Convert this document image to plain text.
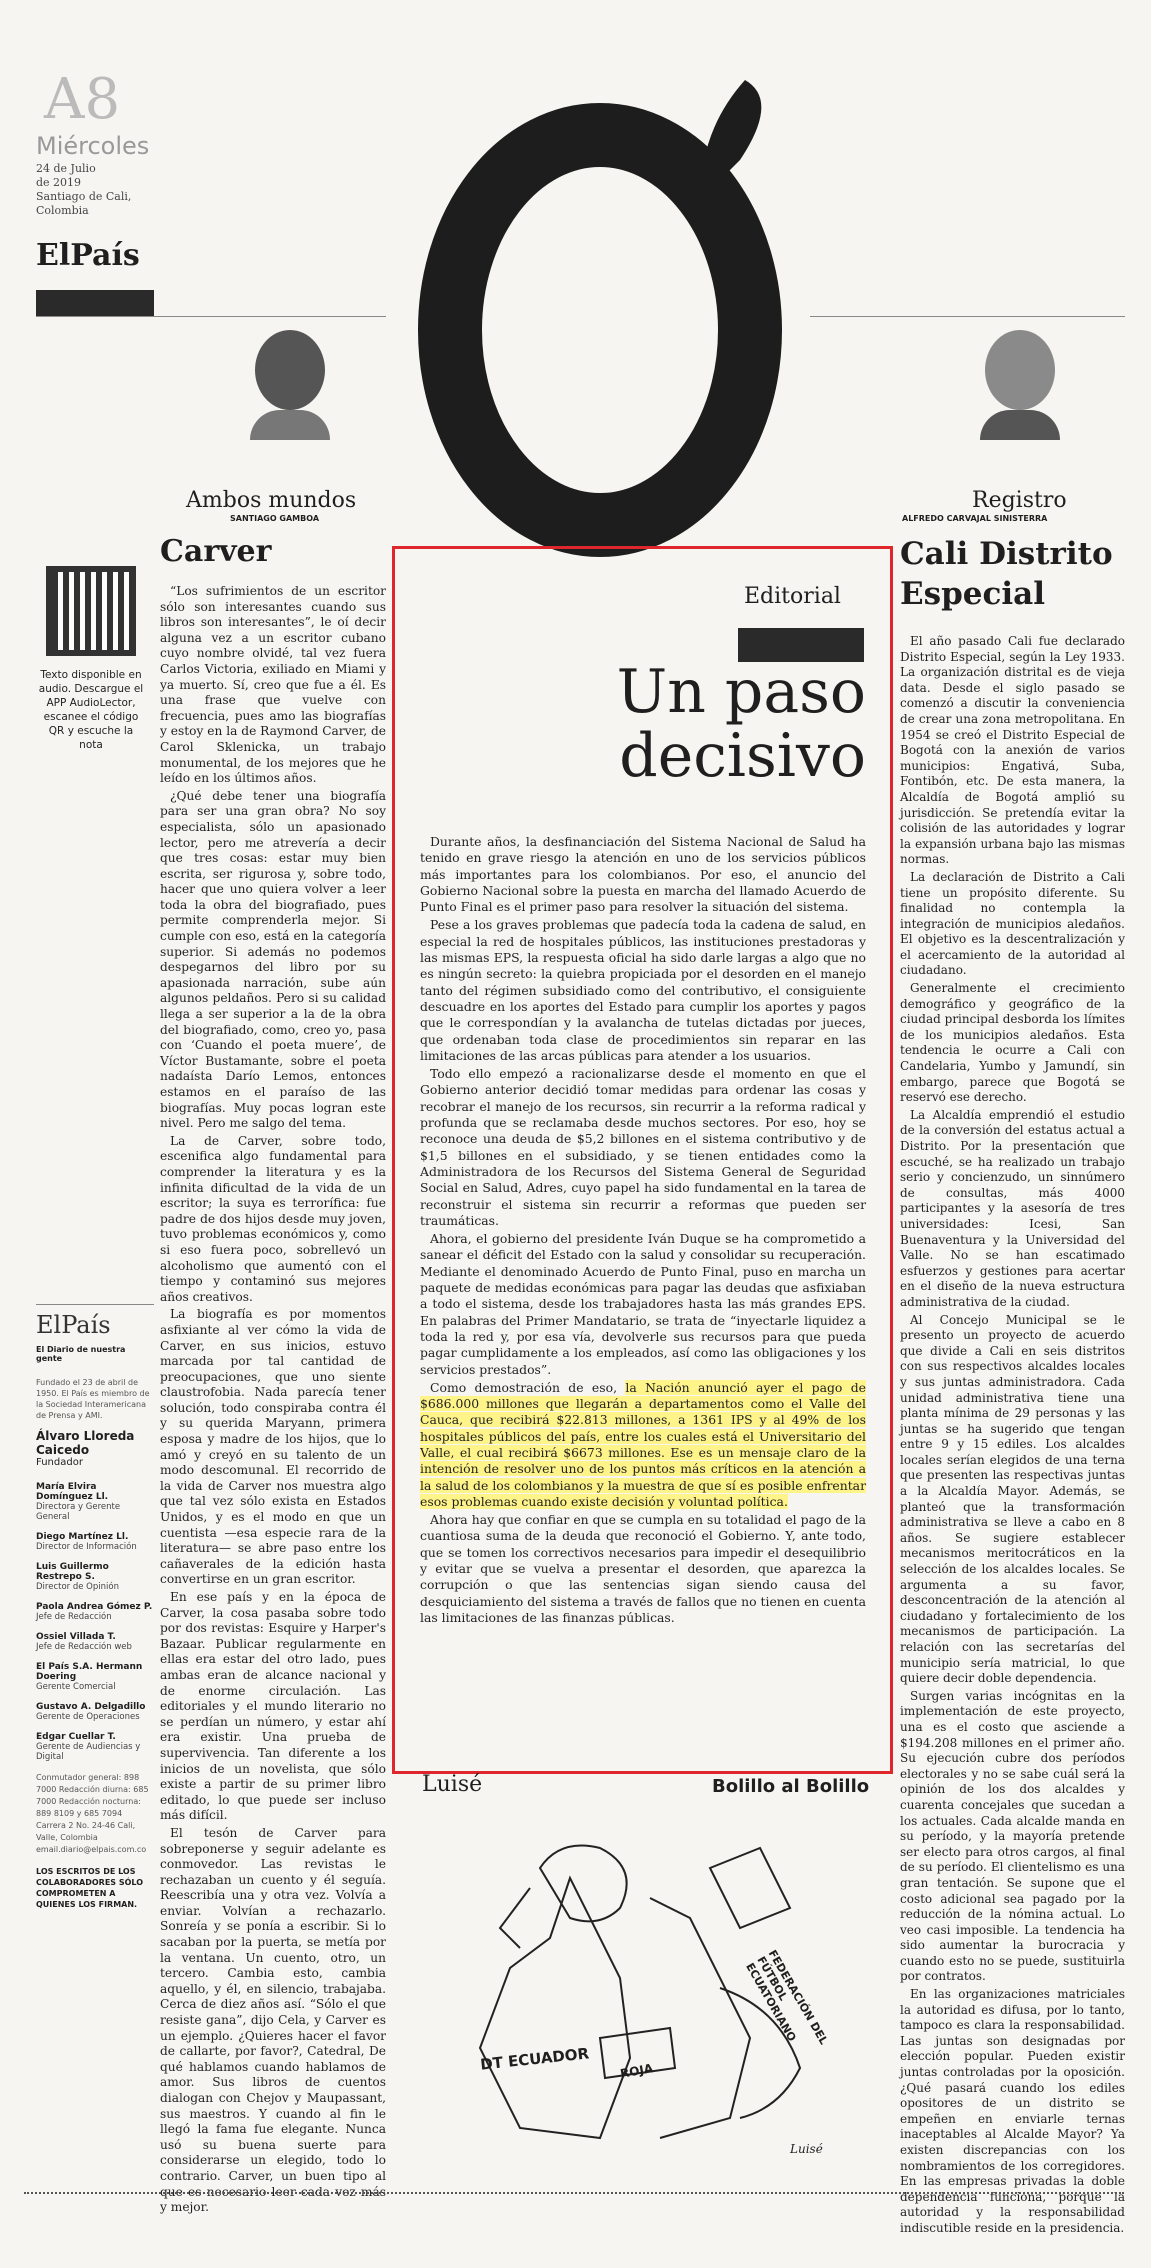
A8
Miércoles
24 de Julio
de 2019
Santiago de Cali,
Colombia
ElPaís
Ambos mundos
SANTIAGO GAMBOA
Registro
ALFREDO CARVAJAL SINISTERRA
Texto disponible en audio. Descargue el APP AudioLector, escanee el código QR y escuche la nota
ElPaís
El Diario de nuestra gente
Fundado el 23 de abril de 1950. El País es miembro de la Sociedad Interamericana de Prensa y AMI.
Álvaro Lloreda Caicedo
Fundador
María Elvira Domínguez Ll.
Directora y Gerente General
Diego Martínez Ll.
Director de Información
Luis Guillermo Restrepo S.
Director de Opinión
Paola Andrea Gómez P.
Jefe de Redacción
Ossiel Villada T.
Jefe de Redacción web
El País S.A. Hermann Doering
Gerente Comercial
Gustavo A. Delgadillo
Gerente de Operaciones
Edgar Cuellar T.
Gerente de Audiencias y Digital
Conmutador general: 898 7000 Redacción diurna: 685 7000 Redacción nocturna: 889 8109 y 685 7094 Carrera 2 No. 24-46 Cali, Valle, Colombia email.diario@elpais.com.co
LOS ESCRITOS DE LOS COLABORADORES SÓLO COMPROMETEN A QUIENES LOS FIRMAN.
Carver

“Los sufrimientos de un escritor sólo son interesantes cuando sus libros son interesantes”, le oí decir alguna vez a un escritor cubano cuyo nombre olvidé, tal vez fuera Carlos Victoria, exiliado en Miami y ya muerto. Sí, creo que fue a él. Es una frase que vuelve con frecuencia, pues amo las biografías y estoy en la de Raymond Carver, de Carol Sklenicka, un trabajo monumental, de los mejores que he leído en los últimos años.

¿Qué debe tener una biografía para ser una gran obra? No soy especialista, sólo un apasionado lector, pero me atrevería a decir que tres cosas: estar muy bien escrita, ser rigurosa y, sobre todo, hacer que uno quiera volver a leer toda la obra del biografiado, pues permite comprenderla mejor. Si cumple con eso, está en la categoría superior. Si además no podemos despegarnos del libro por su apasionada narración, sube aún algunos peldaños. Pero si su calidad llega a ser superior a la de la obra del biografiado, como, creo yo, pasa con ‘Cuando el poeta muere’, de Víctor Bustamante, sobre el poeta nadaísta Darío Lemos, entonces estamos en el paraíso de las biografías. Muy pocas logran este nivel. Pero me salgo del tema.

La de Carver, sobre todo, escenifica algo fundamental para comprender la literatura y es la infinita dificultad de la vida de un escritor; la suya es terrorífica: fue padre de dos hijos desde muy joven, tuvo problemas económicos y, como si eso fuera poco, sobrellevó un alcoholismo que aumentó con el tiempo y contaminó sus mejores años creativos.

La biografía es por momentos asfixiante al ver cómo la vida de Carver, en sus inicios, estuvo marcada por tal cantidad de preocupaciones, que uno siente claustrofobia. Nada parecía tener solución, todo conspiraba contra él y su querida Maryann, primera esposa y madre de los hijos, que lo amó y creyó en su talento de un modo descomunal. El recorrido de la vida de Carver nos muestra algo que tal vez sólo exista en Estados Unidos, y es el modo en que un cuentista —esa especie rara de la literatura— se abre paso entre los cañaverales de la edición hasta convertirse en un gran escritor.

En ese país y en la época de Carver, la cosa pasaba sobre todo por dos revistas: Esquire y Harper's Bazaar. Publicar regularmente en ellas era estar del otro lado, pues ambas eran de alcance nacional y de enorme circulación. Las editoriales y el mundo literario no se perdían un número, y estar ahí era existir. Una prueba de supervivencia. Tan diferente a los inicios de un novelista, que sólo existe a partir de su primer libro editado, lo que puede ser incluso más difícil.

El tesón de Carver para sobreponerse y seguir adelante es conmovedor. Las revistas le rechazaban un cuento y él seguía. Reescribía una y otra vez. Volvía a enviar. Volvían a rechazarlo. Sonreía y se ponía a escribir. Si lo sacaban por la puerta, se metía por la ventana. Un cuento, otro, un tercero. Cambia esto, cambia aquello, y él, en silencio, trabajaba. Cerca de diez años así. “Sólo el que resiste gana”, dijo Cela, y Carver es un ejemplo. ¿Quieres hacer el favor de callarte, por favor?, Catedral, De qué hablamos cuando hablamos de amor. Sus libros de cuentos dialogan con Chejov y Maupassant, sus maestros. Y cuando al fin le llegó la fama fue elegante. Nunca usó su buena suerte para considerarse un elegido, todo lo contrario. Carver, un buen tipo al que es necesario leer cada vez más y mejor.

Editorial
Un paso
decisivo

Durante años, la desfinanciación del Sistema Nacional de Salud ha tenido en grave riesgo la atención en uno de los servicios públicos más importantes para los colombianos. Por eso, el anuncio del Gobierno Nacional sobre la puesta en marcha del llamado Acuerdo de Punto Final es el primer paso para resolver la situación del sistema.

Pese a los graves problemas que padecía toda la cadena de salud, en especial la red de hospitales públicos, las instituciones prestadoras y las mismas EPS, la respuesta oficial ha sido darle largas a algo que no es ningún secreto: la quiebra propiciada por el desorden en el manejo tanto del régimen subsidiado como del contributivo, el consiguiente descuadre en los aportes del Estado para cumplir los aportes y pagos que le correspondían y la avalancha de tutelas dictadas por jueces, que ordenaban toda clase de procedimientos sin reparar en las limitaciones de las arcas públicas para atender a los usuarios.

Todo ello empezó a racionalizarse desde el momento en que el Gobierno anterior decidió tomar medidas para ordenar las cosas y recobrar el manejo de los recursos, sin recurrir a la reforma radical y profunda que se reclamaba desde muchos sectores. Por eso, hoy se reconoce una deuda de $5,2 billones en el sistema contributivo y de $1,5 billones en el subsidiado, y se tienen entidades como la Administradora de los Recursos del Sistema General de Seguridad Social en Salud, Adres, cuyo papel ha sido fundamental en la tarea de reconstruir el sistema sin recurrir a reformas que pueden ser traumáticas.

Ahora, el gobierno del presidente Iván Duque se ha comprometido a sanear el déficit del Estado con la salud y consolidar su recuperación. Mediante el denominado Acuerdo de Punto Final, puso en marcha un paquete de medidas económicas para pagar las deudas que asfixiaban a todo el sistema, desde los trabajadores hasta las más grandes EPS. En palabras del Primer Mandatario, se trata de “inyectarle liquidez a toda la red y, por esa vía, devolverle sus recursos para que pueda pagar cumplidamente a los empleados, así como las obligaciones y los servicios prestados”.

Como demostración de eso, la Nación anunció ayer el pago de $686.000 millones que llegarán a departamentos como el Valle del Cauca, que recibirá $22.813 millones, a 1361 IPS y al 49% de los hospitales públicos del país, entre los cuales está el Universitario del Valle, el cual recibirá $6673 millones. Ese es un mensaje claro de la intención de resolver uno de los puntos más críticos en la atención a la salud de los colombianos y la muestra de que sí es posible enfrentar esos problemas cuando existe decisión y voluntad política.

Ahora hay que confiar en que se cumpla en su totalidad el pago de la cuantiosa suma de la deuda que reconoció el Gobierno. Y, ante todo, que se tomen los correctivos necesarios para impedir el desequilibrio y evitar que se vuelva a presentar el desorden, que aparezca la corrupción o que las sentencias sigan siendo causa del desquiciamiento del sistema a través de fallos que no tienen en cuenta las limitaciones de las finanzas públicas.

Luisé	Bolillo al Bolillo
DT ECUADOR
FEDERACIÓN DEL FÚTBOL ECUATORIANO
ROJA
Luisé
Cali Distrito
Especial

El año pasado Cali fue declarado Distrito Especial, según la Ley 1933. La organización distrital es de vieja data. Desde el siglo pasado se comenzó a discutir la conveniencia de crear una zona metropolitana. En 1954 se creó el Distrito Especial de Bogotá con la anexión de varios municipios: Engativá, Suba, Fontibón, etc. De esta manera, la Alcaldía de Bogotá amplió su jurisdicción. Se pretendía evitar la colisión de las autoridades y lograr la expansión urbana bajo las mismas normas.

La declaración de Distrito a Cali tiene un propósito diferente. Su finalidad no contempla la integración de municipios aledaños. El objetivo es la descentralización y el acercamiento de la autoridad al ciudadano.

Generalmente el crecimiento demográfico y geográfico de la ciudad principal desborda los límites de los municipios aledaños. Esta tendencia le ocurre a Cali con Candelaria, Yumbo y Jamundí, sin embargo, parece que Bogotá se reservó ese derecho.

La Alcaldía emprendió el estudio de la conversión del estatus actual a Distrito. Por la presentación que escuché, se ha realizado un trabajo serio y concienzudo, un sinnúmero de consultas, más 4000 participantes y la asesoría de tres universidades: Icesi, San Buenaventura y la Universidad del Valle. No se han escatimado esfuerzos y gestiones para acertar en el diseño de la nueva estructura administrativa de la ciudad.

Al Concejo Municipal se le presento un proyecto de acuerdo que divide a Cali en seis distritos con sus respectivos alcaldes locales y sus juntas administradora. Cada unidad administrativa tiene una planta mínima de 29 personas y las juntas se ha sugerido que tengan entre 9 y 15 ediles. Los alcaldes locales serían elegidos de una terna que presenten las respectivas juntas a la Alcaldía Mayor. Además, se planteó que la transformación administrativa se lleve a cabo en 8 años. Se sugiere establecer mecanismos meritocráticos en la selección de los alcaldes locales. Se argumenta a su favor, desconcentración de la atención al ciudadano y fortalecimiento de los mecanismos de participación. La relación con las secretarías del municipio sería matricial, lo que quiere decir doble dependencia.

Surgen varias incógnitas en la implementación de este proyecto, una es el costo que asciende a $194.208 millones en el primer año. Su ejecución cubre dos períodos electorales y no se sabe cuál será la opinión de los dos alcaldes y cuarenta concejales que sucedan a los actuales. Cada alcalde manda en su período, y la mayoría pretende ser electo para otros cargos, al final de su período. El clientelismo es una gran tentación. Se supone que el costo adicional sea pagado por la reducción de la nómina actual. Lo veo casi imposible. La tendencia ha sido aumentar la burocracia y cuando esto no se puede, sustituirla por contratos.

En las organizaciones matriciales la autoridad es difusa, por lo tanto, tampoco es clara la responsabilidad. Las juntas son designadas por elección popular. Pueden existir juntas controladas por la oposición. ¿Qué pasará cuando los ediles opositores de un distrito se empeñen en enviarle ternas inaceptables al Alcalde Mayor? Ya existen discrepancias con los nombramientos de los corregidores. En las empresas privadas la doble dependencia funciona, porque la autoridad y la responsabilidad indiscutible reside en la presidencia.
